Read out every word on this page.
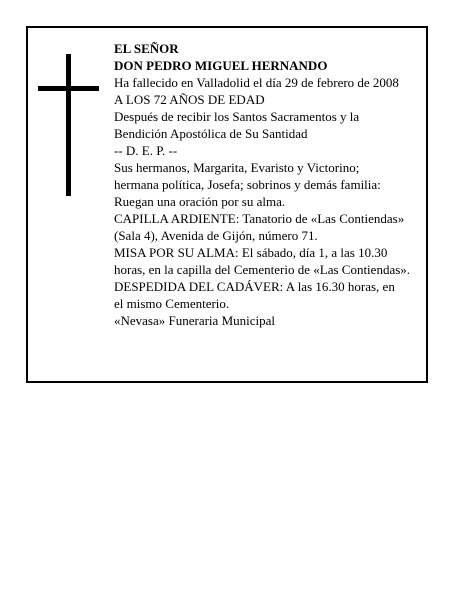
EL SEÑOR
DON PEDRO MIGUEL HERNANDO
Ha fallecido en Valladolid el día 29 de febrero de 2008
A LOS 72 AÑOS DE EDAD
Después de recibir los Santos Sacramentos y la
Bendición Apostólica de Su Santidad
-- D. E. P. --
Sus hermanos, Margarita, Evaristo y Victorino;
hermana política, Josefa; sobrinos y demás familia:
Ruegan una oración por su alma.
CAPILLA ARDIENTE: Tanatorio de «Las Contiendas»
(Sala 4), Avenida de Gijón, número 71.
MISA POR SU ALMA: El sábado, día 1, a las 10.30
horas, en la capilla del Cementerio de «Las Contiendas».
DESPEDIDA DEL CADÁVER: A las 16.30 horas, en
el mismo Cementerio.
«Nevasa» Funeraria Municipal
